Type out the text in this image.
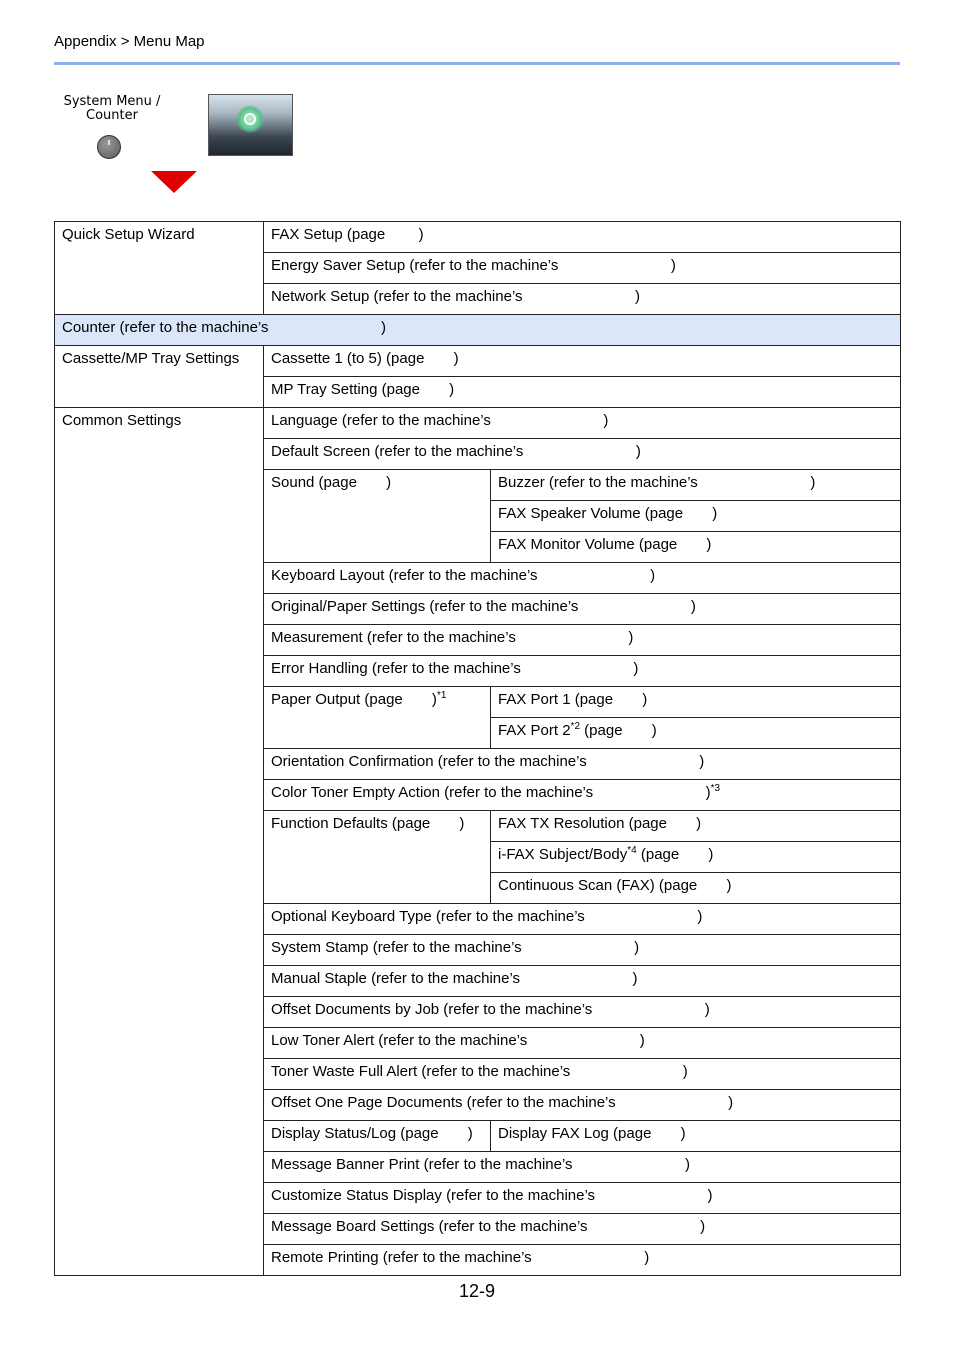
Appendix > Menu Map
System Menu /
Counter
Quick Setup Wizard	FAX Setup (page        )	
	Energy Saver Setup (refer to the machine’s                           )	
	Network Setup (refer to the machine’s                           )	
Counter (refer to the machine’s                           )		
Cassette/MP Tray Settings	Cassette 1 (to 5) (page       )	
	MP Tray Setting (page       )	
Common Settings	Language (refer to the machine’s                           )	
	Default Screen (refer to the machine’s                           )	
	Sound (page       )	Buzzer (refer to the machine’s                           )
		FAX Speaker Volume (page       )
		FAX Monitor Volume (page       )
	Keyboard Layout (refer to the machine’s                           )	
	Original/Paper Settings (refer to the machine’s                           )	
	Measurement (refer to the machine’s                           )	
	Error Handling (refer to the machine’s                           )	
	Paper Output (page       )$^{*1}$	FAX Port 1 (page       )
		FAX Port 2$^{*2}$ (page       )
	Orientation Confirmation (refer to the machine’s                           )	
	Color Toner Empty Action (refer to the machine’s                           )$^{*3}$
	Function Defaults (page       )	FAX TX Resolution (page       )
		i-FAX Subject/Body$^{*4}$ (page       )
		Continuous Scan (FAX) (page       )
	Optional Keyboard Type (refer to the machine’s                           )	
	System Stamp (refer to the machine’s                           )	
	Manual Staple (refer to the machine’s                           )	
	Offset Documents by Job (refer to the machine’s                           )	
	Low Toner Alert (refer to the machine’s                           )	
	Toner Waste Full Alert (refer to the machine’s                           )	
	Offset One Page Documents (refer to the machine’s                           )	
	Display Status/Log (page       )	Display FAX Log (page       )
	Message Banner Print (refer to the machine’s                           )	
	Customize Status Display (refer to the machine’s                           )	
	Message Board Settings (refer to the machine’s                           )	
	Remote Printing (refer to the machine’s                           )	
12-9
